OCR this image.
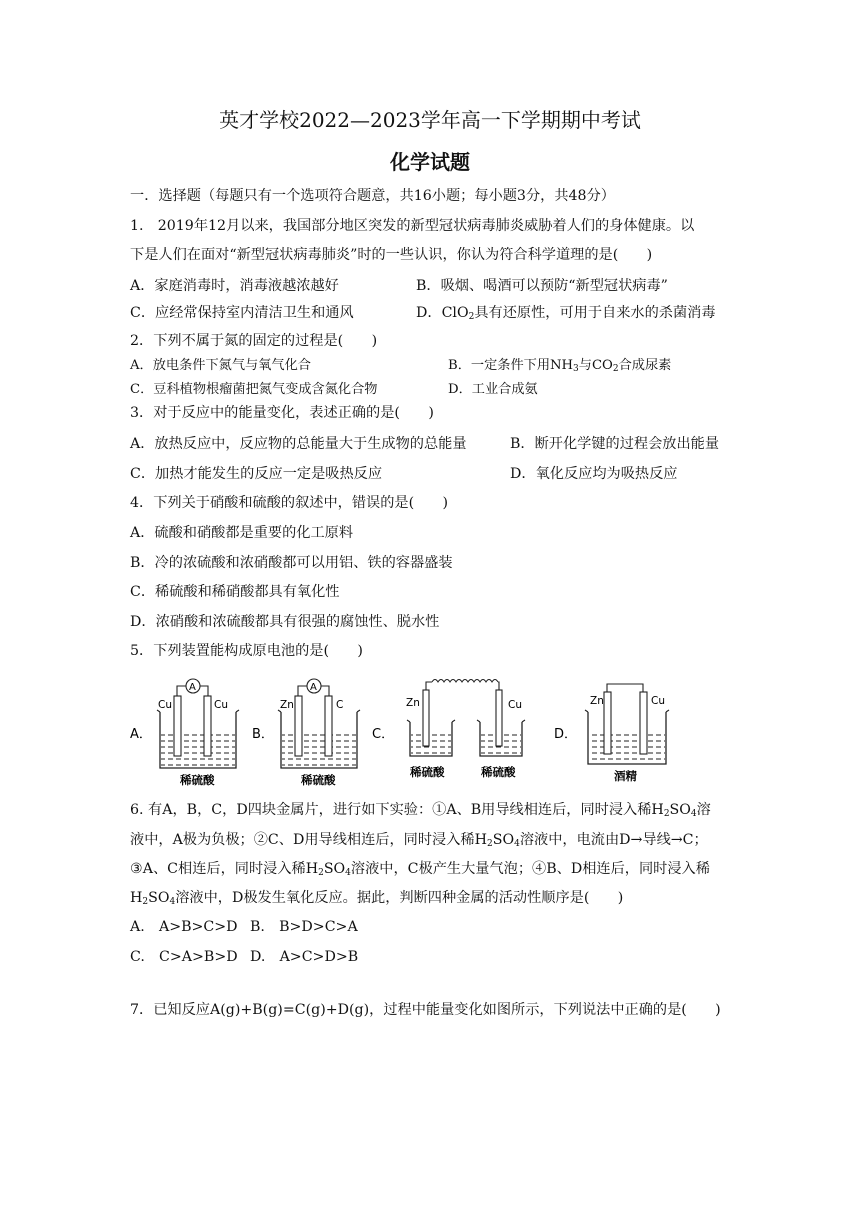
英才学校2022—2023学年高一下学期期中考试
化学试题
一．选择题（每题只有一个选项符合题意，共16小题；每小题3分，共48分）
1.　2019年12月以来，我国部分地区突发的新型冠状病毒肺炎威胁着人们的身体健康。以
下是人们在面对“新型冠状病毒肺炎”时的一些认识，你认为符合科学道理的是(　　)
A．家庭消毒时，消毒液越浓越好	B．吸烟、喝酒可以预防“新型冠状病毒”
C．应经常保持室内清洁卫生和通风	D．ClO$_2$具有还原性，可用于自来水的杀菌消毒
2．下列不属于氮的固定的过程是(　　)
A．放电条件下氮气与氧气化合	B．一定条件下用$NH_3$与$CO_2$合成尿素
C．豆科植物根瘤菌把氮气变成含氮化合物	D．工业合成氨
3．对于反应中的能量变化，表述正确的是(　　)
A．放热反应中，反应物的总能量大于生成物的总能量	B．断开化学键的过程会放出能量
C．加热才能发生的反应一定是吸热反应	D．氧化反应均为吸热反应
4．下列关于硝酸和硫酸的叙述中，错误的是(　　)
A．硫酸和硝酸都是重要的化工原料
B．冷的浓硫酸和浓硝酸都可以用铝、铁的容器盛装
C．稀硫酸和稀硝酸都具有氧化性
D．浓硝酸和浓硫酸都具有很强的腐蚀性、脱水性
5．下列装置能构成原电池的是(　　)
A．
A
Cu	Cu
稀硫酸
B．
A
Zn	C
稀硫酸
C．
Zn	Cu
稀硫酸	稀硫酸
D．
Zn	Cu
酒精
6. 有A，B，C，D四块金属片，进行如下实验：①A、B用导线相连后，同时浸入稀$H_2SO_4$溶
液中，A极为负极；②C、D用导线相连后，同时浸入稀$H_2SO_4$溶液中，电流由D→导线→C；
③A、C相连后，同时浸入稀$H_2SO_4$溶液中，C极产生大量气泡；④B、D相连后，同时浸入稀
$H_2SO_4$溶液中，D极发生氧化反应。据此，判断四种金属的活动性顺序是(　　)
A.　A>B>C>D B.　B>D>C>A
C.　C>A>B>D D.　A>C>D>B
7．已知反应A(g)+B(g)=C(g)+D(g)，过程中能量变化如图所示，下列说法中正确的是(　　)
